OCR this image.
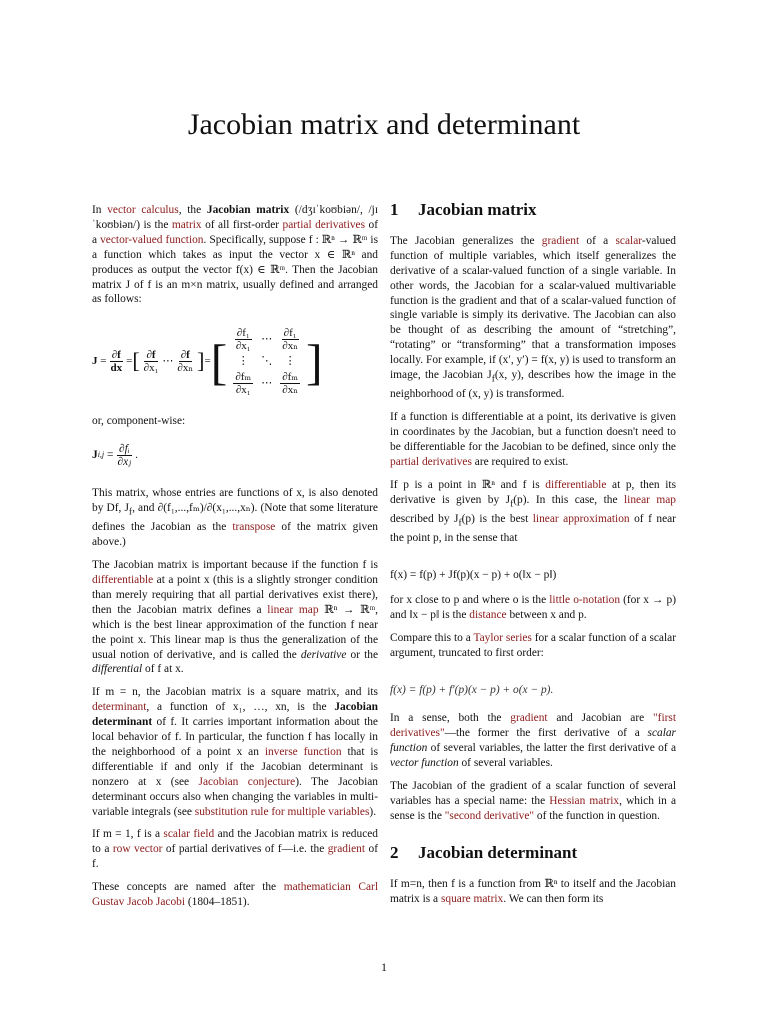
Jacobian matrix and determinant

In vector calculus, the Jacobian matrix (/dʒɪˈkoʊbiən/, /jɪˈkoʊbiən/) is the matrix of all first-order partial derivatives of a vector-valued function. Specifically, suppose f : ℝⁿ → ℝᵐ is a function which takes as input the vector x ∈ ℝⁿ and produces as output the vector f(x) ∈ ℝᵐ. Then the Jacobian matrix J of f is an m×n matrix, usually defined and arranged as follows:

J
= $\frac{\partial f}{dx}$ = [ $\frac{\partial f}{\text{∂x₁}}$ ⋯ $\frac{\partial f}{\text{∂xₙ}}$ ] = [ $\frac{\text{∂f₁}}{\text{∂x₁}}$ ⋯ $\frac{\text{∂f₁}}{\text{∂xₙ}}$
⋮ ⋱ ⋮
$\frac{\text{∂fₘ}}{\text{∂x₁}}$ ⋯ $\frac{\text{∂fₘ}}{\text{∂xₙ}}$ ]

or, component-wise:

J i,j
= $\frac{\text{∂fᵢ}}{\text{∂xⱼ}}$ .

This matrix, whose entries are functions of x, is also denoted by Df, $J_f$, and ∂(f₁,...,fₘ)/∂(x₁,...,xₙ). (Note that some literature defines the Jacobian as the transpose of the matrix given above.)

The Jacobian matrix is important because if the function f is differentiable at a point x (this is a slightly stronger condition than merely requiring that all partial derivatives exist there), then the Jacobian matrix defines a linear map ℝⁿ → ℝᵐ, which is the best linear approximation of the function f near the point x. This linear map is thus the generalization of the usual notion of derivative, and is called the derivative or the differential of f at x.

If m = n, the Jacobian matrix is a square matrix, and its determinant, a function of x₁, …, xn, is the Jacobian determinant of f. It carries important information about the local behavior of f. In particular, the function f has locally in the neighborhood of a point x an inverse function that is differentiable if and only if the Jacobian determinant is nonzero at x (see Jacobian conjecture). The Jacobian determinant occurs also when changing the variables in multi-variable integrals (see substitution rule for multiple variables).

If m = 1, f is a scalar field and the Jacobian matrix is reduced to a row vector of partial derivatives of f—i.e. the gradient of f.

These concepts are named after the mathematician Carl Gustav Jacob Jacobi (1804–1851).

1 Jacobian matrix

The Jacobian generalizes the gradient of a scalar-valued function of multiple variables, which itself generalizes the derivative of a scalar-valued function of a single variable. In other words, the Jacobian for a scalar-valued multivariable function is the gradient and that of a scalar-valued function of single variable is simply its derivative. The Jacobian can also be thought of as describing the amount of “stretching”, “rotating” or “transforming” that a transformation imposes locally. For example, if (x′, y′) = f(x, y) is used to transform an image, the Jacobian $J_f(x$, y), describes how the image in the neighborhood of (x, y) is transformed.

If a function is differentiable at a point, its derivative is given in coordinates by the Jacobian, but a function doesn't need to be differentiable for the Jacobian to be defined, since only the partial derivatives are required to exist.

If p is a point in ℝⁿ and f is differentiable at p, then its derivative is given by $J_f(p)$. In this case, the linear map described by $J_f(p)$ is the best linear approximation of f near the point p, in the sense that

f(x) = f(p) + Jf(p)(x − p) + o(‖x − p‖)

for x close to p and where o is the little o-notation (for x → p) and ‖x − p‖ is the distance between x and p.

Compare this to a Taylor series for a scalar function of a scalar argument, truncated to first order:

f(x) = f(p) + f′(p)(x − p) + o(x − p).

In a sense, both the gradient and Jacobian are "first derivatives"—the former the first derivative of a scalar function of several variables, the latter the first derivative of a vector function of several variables.

The Jacobian of the gradient of a scalar function of several variables has a special name: the Hessian matrix, which in a sense is the "second derivative" of the function in question.

2 Jacobian determinant

If m=n, then f is a function from ℝⁿ to itself and the Jacobian matrix is a square matrix. We can then form its

1
